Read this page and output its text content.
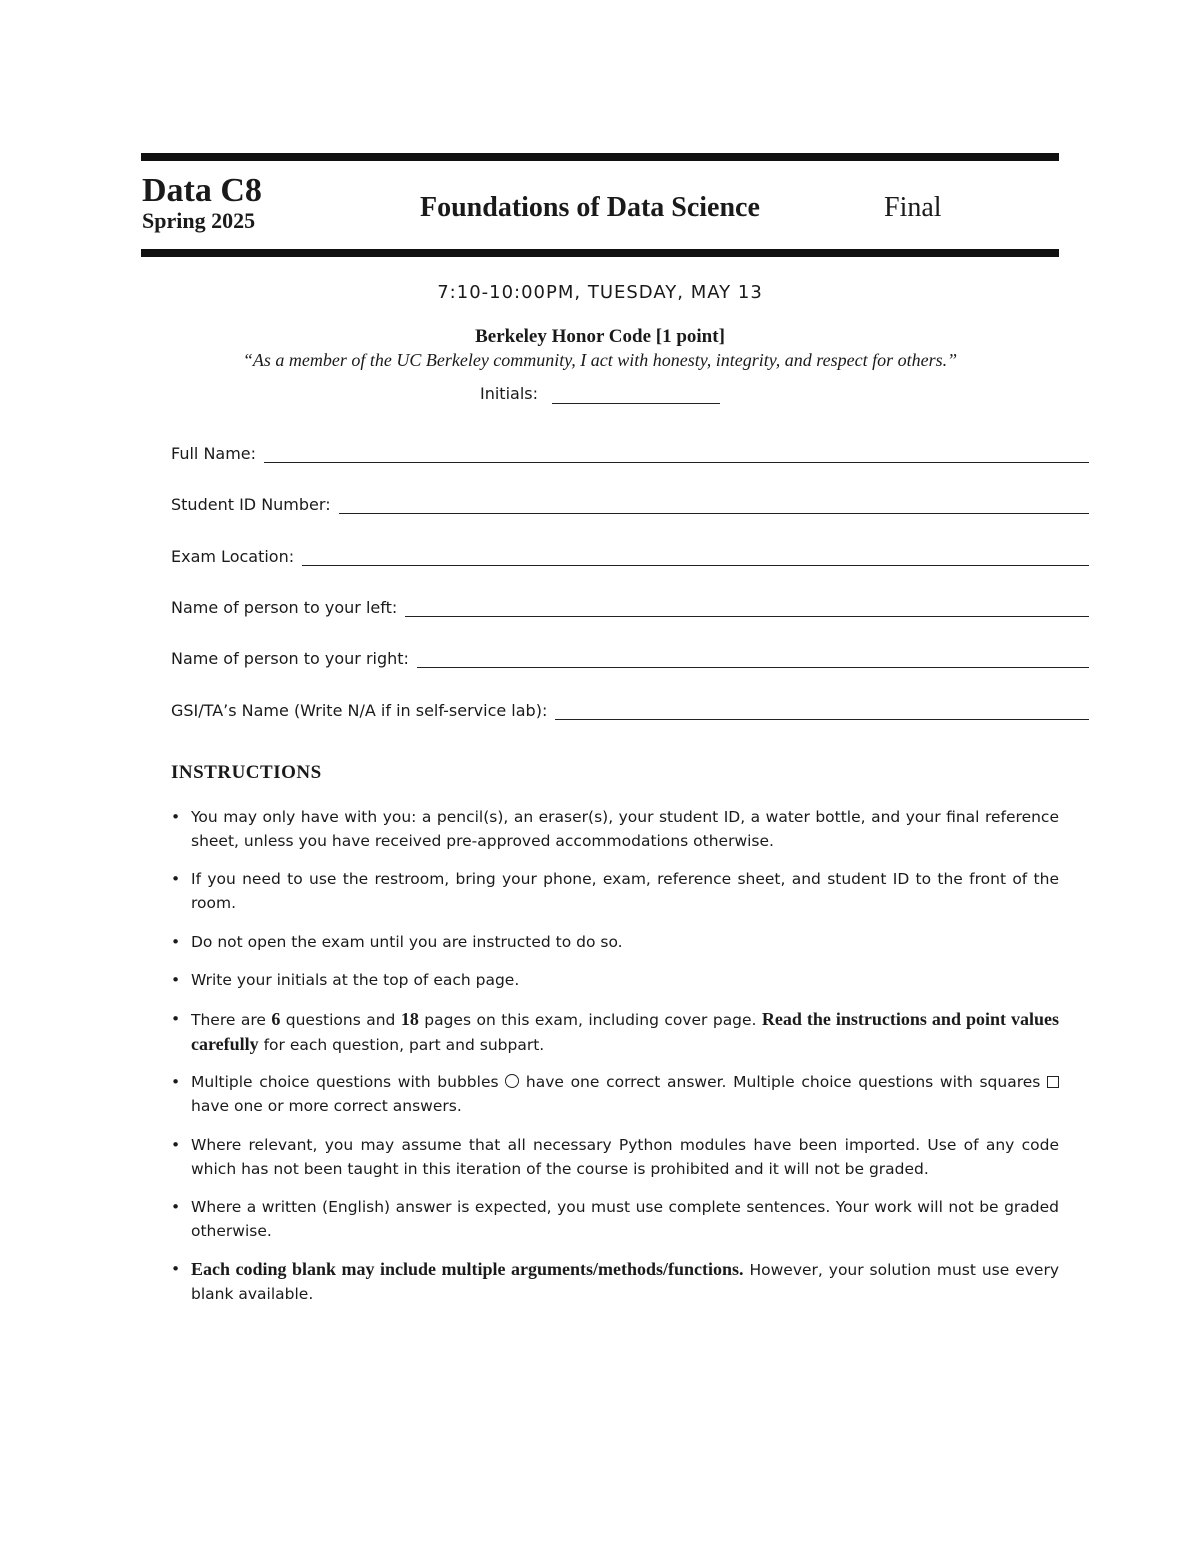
Data C8
Spring 2025	Foundations of Data Science	Final
7:10-10:00PM, TUESDAY, MAY 13
Berkeley Honor Code [1 point]
“As a member of the UC Berkeley community, I act with honesty, integrity, and respect for others.”
Initials:
Full Name:
Student ID Number:
Exam Location:
Name of person to your left:
Name of person to your right:
GSI/TA’s Name (Write N/A if in self-service lab):
INSTRUCTIONS
• You may only have with you: a pencil(s), an eraser(s), your student ID, a water bottle, and your final reference sheet, unless you have received pre-approved accommodations otherwise.
• If you need to use the restroom, bring your phone, exam, reference sheet, and student ID to the front of the room.
• Do not open the exam until you are instructed to do so.
• Write your initials at the top of each page.
• There are 6 questions and 18 pages on this exam, including cover page. Read the instructions and point values carefully for each question, part and subpart.
• Multiple choice questions with bubbles  have one correct answer. Multiple choice questions with squares  have one or more correct answers.
• Where relevant, you may assume that all necessary Python modules have been imported. Use of any code which has not been taught in this iteration of the course is prohibited and it will not be graded.
• Where a written (English) answer is expected, you must use complete sentences. Your work will not be graded otherwise.
• Each coding blank may include multiple arguments/methods/functions. However, your solution must use every blank available.
